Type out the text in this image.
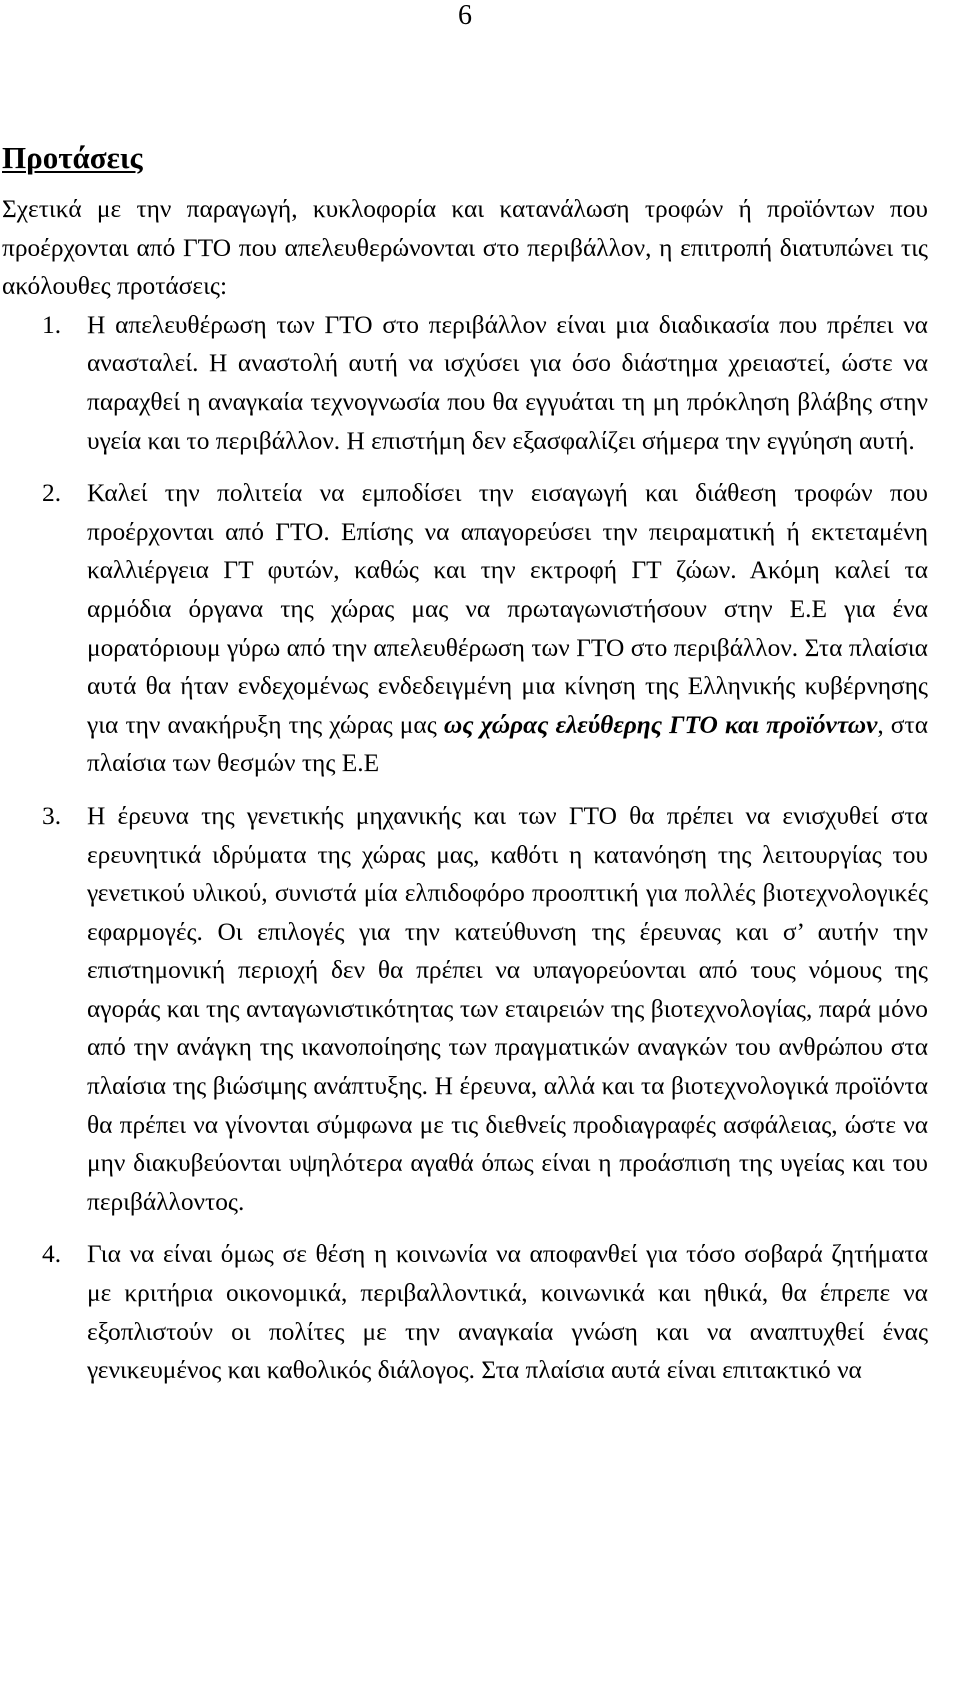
6
Προτάσεις

Σχετικά με την παραγωγή, κυκλοφορία και κατανάλωση τροφών ή προϊόντων που προέρχονται από ΓΤΟ που απελευθερώνονται στο περιβάλλον, η επιτροπή διατυπώνει τις ακόλουθες προτάσεις:

1. Η απελευθέρωση των ΓΤΟ στο περιβάλλον είναι μια διαδικασία που πρέπει να ανασταλεί. Η αναστολή αυτή να ισχύσει για όσο διάστημα χρειαστεί, ώστε να παραχθεί η αναγκαία τεχνογνωσία που θα εγγυάται τη μη πρόκληση βλάβης στην υγεία και το περιβάλλον. Η επιστήμη δεν εξασφαλίζει σήμερα την εγγύηση αυτή.
2. Καλεί την πολιτεία να εμποδίσει την εισαγωγή και διάθεση τροφών που προέρχονται από ΓΤΟ. Επίσης να απαγορεύσει την πειραματική ή εκτεταμένη καλλιέργεια ΓΤ φυτών, καθώς και την εκτροφή ΓΤ ζώων. Ακόμη καλεί τα αρμόδια όργανα της χώρας μας να πρωταγωνιστήσουν στην Ε.Ε για ένα μορατόριουμ γύρω από την απελευθέρωση των ΓΤΟ στο περιβάλλον. Στα πλαίσια αυτά θα ήταν ενδεχομένως ενδεδειγμένη μια κίνηση της Ελληνικής κυβέρνησης για την ανακήρυξη της χώρας μας ως χώρας ελεύθερης ΓΤΟ και προϊόντων, στα πλαίσια των θεσμών της Ε.Ε
3. Η έρευνα της γενετικής μηχανικής και των ΓΤΟ θα πρέπει να ενισχυθεί στα ερευνητικά ιδρύματα της χώρας μας, καθότι η κατανόηση της λειτουργίας του γενετικού υλικού, συνιστά μία ελπιδοφόρο προοπτική για πολλές βιοτεχνολογικές εφαρμογές. Οι επιλογές για την κατεύθυνση της έρευνας και σ’ αυτήν την επιστημονική περιοχή δεν θα πρέπει να υπαγορεύονται από τους νόμους της αγοράς και της ανταγωνιστικότητας των εταιρειών της βιοτεχνολογίας, παρά μόνο από την ανάγκη της ικανοποίησης των πραγματικών αναγκών του ανθρώπου στα πλαίσια της βιώσιμης ανάπτυξης. Η έρευνα, αλλά και τα βιοτεχνολογικά προϊόντα θα πρέπει να γίνονται σύμφωνα με τις διεθνείς προδιαγραφές ασφάλειας, ώστε να μην διακυβεύονται υψηλότερα αγαθά όπως είναι η προάσπιση της υγείας και του περιβάλλοντος.
4. Για να είναι όμως σε θέση η κοινωνία να αποφανθεί για τόσο σοβαρά ζητήματα με κριτήρια οικονομικά, περιβαλλοντικά, κοινωνικά και ηθικά, θα έπρεπε να εξοπλιστούν οι πολίτες με την αναγκαία γνώση και να αναπτυχθεί ένας γενικευμένος και καθολικός διάλογος. Στα πλαίσια αυτά είναι επιτακτικό να
